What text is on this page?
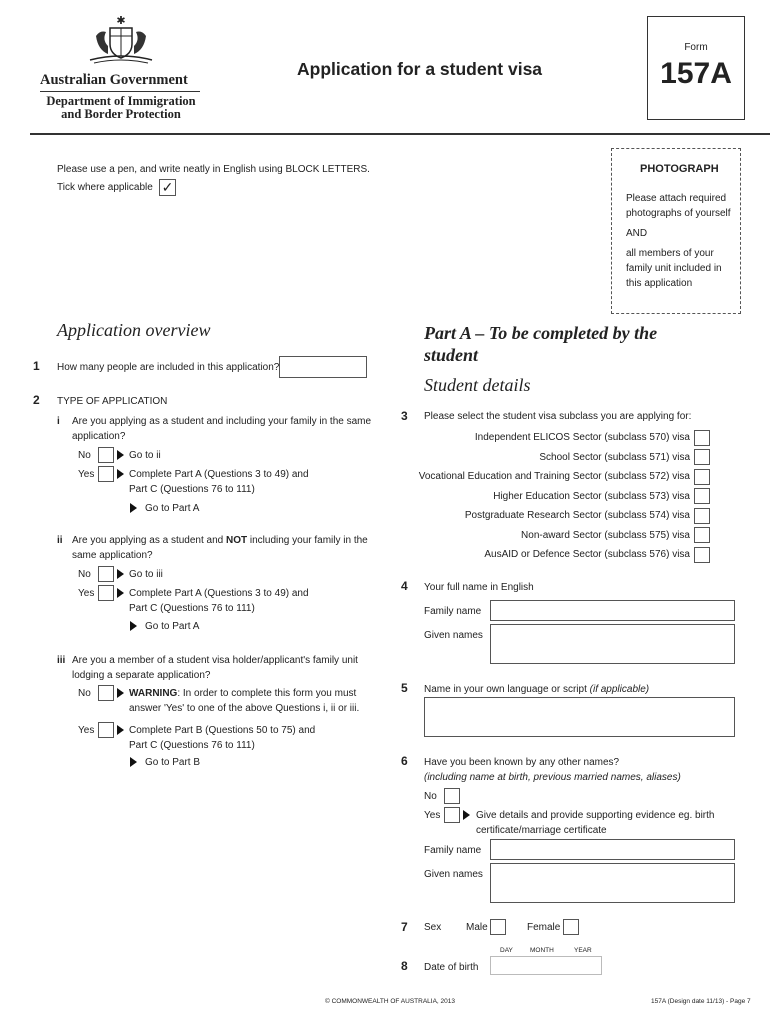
✱
Australian Government
Department of Immigration
and Border Protection
Application for a student visa
Form
157A
Please use a pen, and write neatly in English using BLOCK LETTERS.
Tick where applicable ✓
PHOTOGRAPH
Please attach required photographs of yourself
AND
all members of your family unit included in this application
Application overview
1 How many people are included in this application?
2 TYPE OF APPLICATION
i Are you applying as a student and including your family in the same application?
No	Go to ii
Yes	Complete Part A (Questions 3 to 49) and
Part C (Questions 76 to 111)
Go to Part A
ii Are you applying as a student and NOT including your family in the same application?
No	Go to iii
Yes	Complete Part A (Questions 3 to 49) and
Part C (Questions 76 to 111)
Go to Part A
iii Are you a member of a student visa holder/applicant's family unit lodging a separate application?
No	WARNING: In order to complete this form you must answer 'Yes' to one of the above Questions i, ii or iii.
Yes	Complete Part B (Questions 50 to 75) and
Part C (Questions 76 to 111)
Go to Part B
Part A – To be completed by the student
Student details
3 Please select the student visa subclass you are applying for:
Independent ELICOS Sector (subclass 570) visa
School Sector (subclass 571) visa
Vocational Education and Training Sector (subclass 572) visa
Higher Education Sector (subclass 573) visa
Postgraduate Research Sector (subclass 574) visa
Non-award Sector (subclass 575) visa
AusAID or Defence Sector (subclass 576) visa
4 Your full name in English
Family name
Given names
5 Name in your own language or script (if applicable)
6 Have you been known by any other names?
(including name at birth, previous married names, aliases)
No
Yes	Give details and provide supporting evidence eg. birth certificate/marriage certificate
Family name
Given names
7 Sex Male	Female
DAY	MONTH	YEAR
8 Date of birth
© COMMONWEALTH OF AUSTRALIA, 2013	157A (Design date 11/13) - Page 7
